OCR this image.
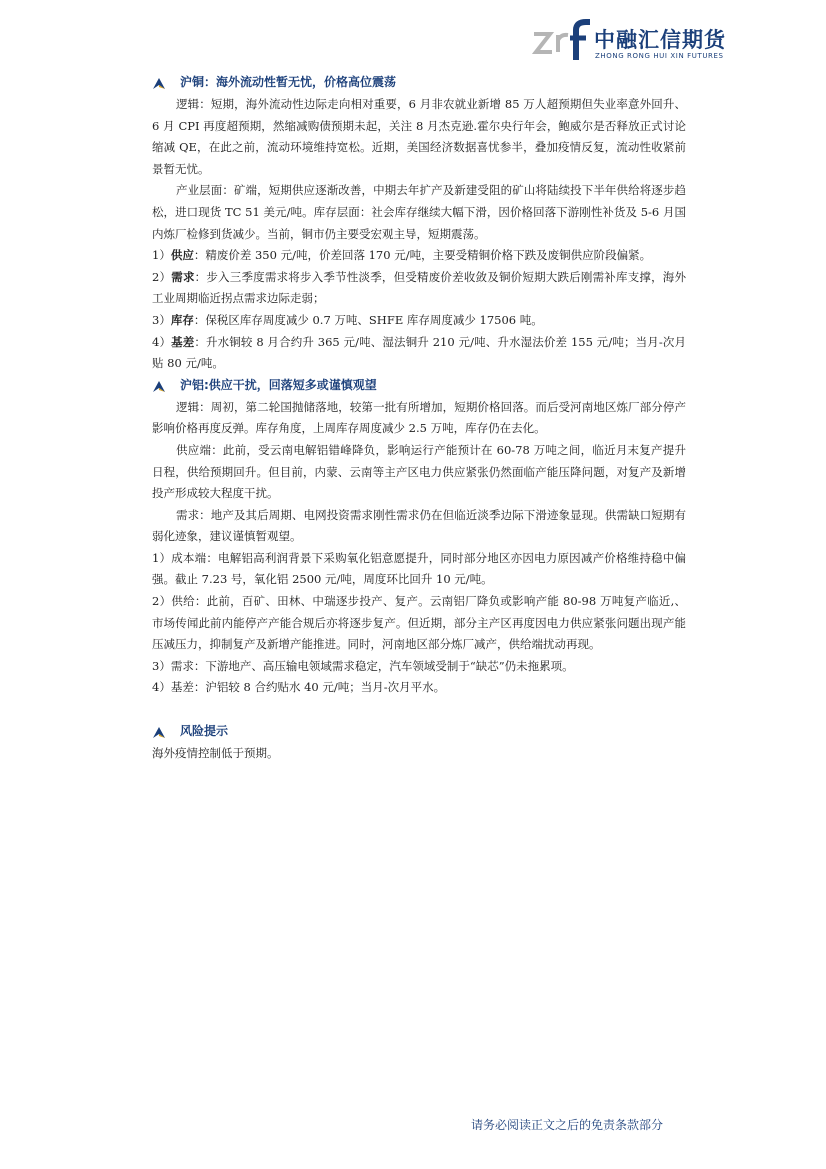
中融汇信期货
ZHONG RONG HUI XIN FUTURES
沪铜：海外流动性暂无忧，价格高位震荡

逻辑：短期，海外流动性边际走向相对重要，6 月非农就业新增 85 万人超预期但失业率意外回升、6 月 CPI 再度超预期，然缩减购债预期未起，关注 8 月杰克逊.霍尔央行年会，鲍威尔是否释放正式讨论缩减 QE，在此之前，流动环境维持宽松。近期，美国经济数据喜忧参半，叠加疫情反复，流动性收紧前景暂无忧。

产业层面：矿端，短期供应逐渐改善，中期去年扩产及新建受阻的矿山将陆续投下半年供给将逐步趋松，进口现货 TC 51 美元/吨。库存层面：社会库存继续大幅下滑，因价格回落下游刚性补货及 5-6 月国内炼厂检修到货减少。当前，铜市仍主要受宏观主导，短期震荡。

1）供应：精废价差 350 元/吨，价差回落 170 元/吨，主要受精铜价格下跌及废铜供应阶段偏紧。

2）需求：步入三季度需求将步入季节性淡季，但受精废价差收敛及铜价短期大跌后刚需补库支撑，海外工业周期临近拐点需求边际走弱；

3）库存：保税区库存周度减少 0.7 万吨、SHFE 库存周度减少 17506 吨。

4）基差：升水铜较 8 月合约升 365 元/吨、湿法铜升 210 元/吨、升水湿法价差 155 元/吨；当月-次月贴 80 元/吨。

沪铝:供应干扰，回落短多或谨慎观望

逻辑：周初，第二轮国抛储落地，较第一批有所增加，短期价格回落。而后受河南地区炼厂部分停产影响价格再度反弹。库存角度，上周库存周度减少 2.5 万吨，库存仍在去化。

供应端：此前，受云南电解铝错峰降负，影响运行产能预计在 60-78 万吨之间，临近月末复产提升日程，供给预期回升。但目前，内蒙、云南等主产区电力供应紧张仍然面临产能压降问题，对复产及新增投产形成较大程度干扰。

需求：地产及其后周期、电网投资需求刚性需求仍在但临近淡季边际下滑迹象显现。供需缺口短期有弱化迹象，建议谨慎暂观望。

1）成本端：电解铝高利润背景下采购氧化铝意愿提升，同时部分地区亦因电力原因减产价格维持稳中偏强。截止 7.23 号，氧化铝 2500 元/吨，周度环比回升 10 元/吨。

2）供给：此前，百矿、田林、中瑞逐步投产、复产。云南铝厂降负或影响产能 80-98 万吨复产临近,、市场传闻此前内能停产产能合规后亦将逐步复产。但近期，部分主产区再度因电力供应紧张问题出现产能压减压力，抑制复产及新增产能推进。同时，河南地区部分炼厂减产，供给端扰动再现。

3）需求：下游地产、高压输电领域需求稳定，汽车领域受制于“缺芯”仍未拖累项。

4）基差：沪铝较 8 合约贴水 40 元/吨；当月-次月平水。

风险提示

海外疫情控制低于预期。

请务必阅读正文之后的免责条款部分
